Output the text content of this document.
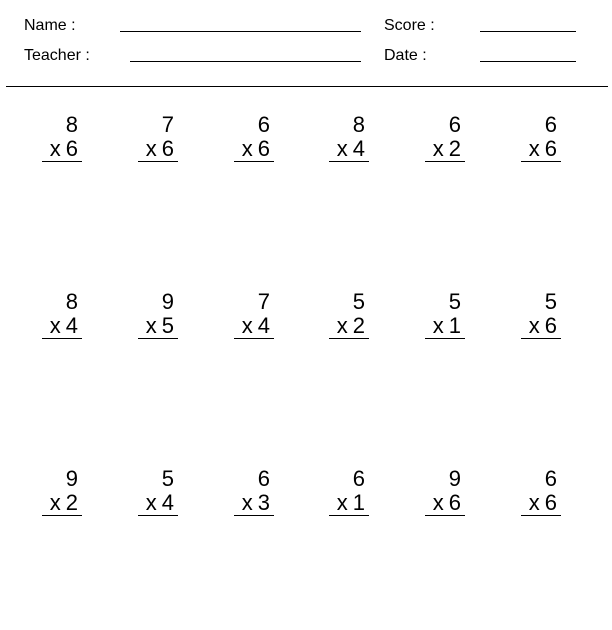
Name :
Teacher :
Score :
Date :
8
x 6
7
x 6
6
x 6
8
x 4
6
x 2
6
x 6
8
x 4
9
x 5
7
x 4
5
x 2
5
x 1
5
x 6
9
x 2
5
x 4
6
x 3
6
x 1
9
x 6
6
x 6
